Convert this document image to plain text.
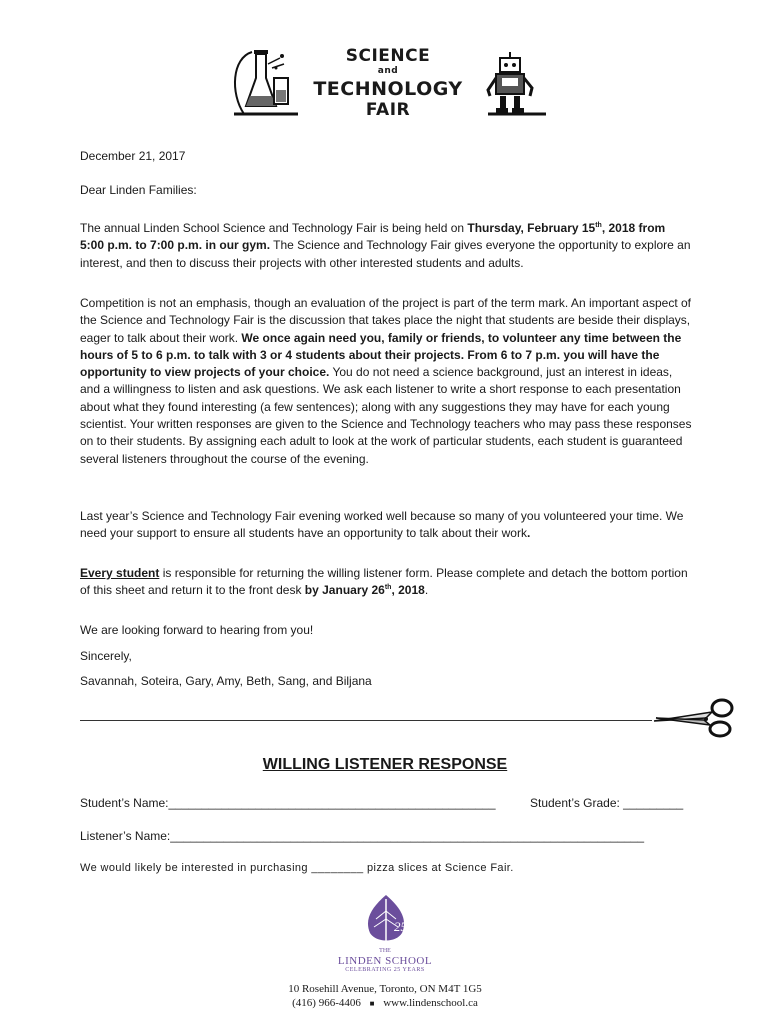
SCIENCE
and
TECHNOLOGY
FAIR
December 21, 2017
Dear Linden Families:
The annual Linden School Science and Technology Fair is being held on Thursday, February 15th, 2018 from 5:00 p.m. to 7:00 p.m. in our gym. The Science and Technology Fair gives everyone the opportunity to explore an interest, and then to discuss their projects with other interested students and adults.
Competition is not an emphasis, though an evaluation of the project is part of the term mark. An important aspect of the Science and Technology Fair is the discussion that takes place the night that students are beside their displays, eager to talk about their work. We once again need you, family or friends, to volunteer any time between the hours of 5 to 6 p.m. to talk with 3 or 4 students about their projects. From 6 to 7 p.m. you will have the opportunity to view projects of your choice. You do not need a science background, just an interest in ideas, and a willingness to listen and ask questions. We ask each listener to write a short response to each presentation about what they found interesting (a few sentences); along with any suggestions they may have for each young scientist. Your written responses are given to the Science and Technology teachers who may pass these responses on to their students. By assigning each adult to look at the work of particular students, each student is guaranteed several listeners throughout the course of the evening.
Last year’s Science and Technology Fair evening worked well because so many of you volunteered your time. We need your support to ensure all students have an opportunity to talk about their work.
Every student is responsible for returning the willing listener form. Please complete and detach the bottom portion of this sheet and return it to the front desk by January 26th, 2018.
We are looking forward to hearing from you!
Sincerely,
Savannah, Soteira, Gary, Amy, Beth, Sang, and Biljana
WILLING LISTENER RESPONSE
Student’s Name:_________________________________________________	Student’s Grade: _________
Listener’s Name:_______________________________________________________________________
We would likely be interested in purchasing ________ pizza slices at Science Fair.
25
THE
LINDEN SCHOOL
CELEBRATING 25 YEARS
10 Rosehill Avenue, Toronto, ON M4T 1G5
(416) 966-4406 ■ www.lindenschool.ca
